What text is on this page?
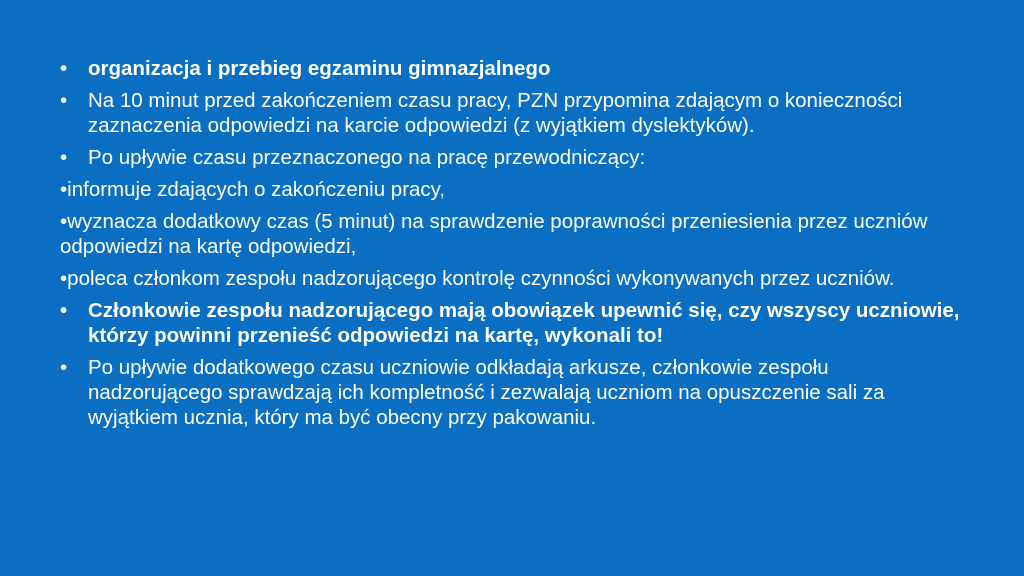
• organizacja i przebieg egzaminu gimnazjalnego
• Na 10 minut przed zakończeniem czasu pracy, PZN przypomina zdającym o konieczności zaznaczenia odpowiedzi na karcie odpowiedzi (z wyjątkiem dyslektyków).
• Po upływie czasu przeznaczonego na pracę przewodniczący:
•informuje zdających o zakończeniu pracy,
•wyznacza dodatkowy czas (5 minut) na sprawdzenie poprawności przeniesienia przez uczniów odpowiedzi na kartę odpowiedzi,
•poleca członkom zespołu nadzorującego kontrolę czynności wykonywanych przez uczniów.
• Członkowie zespołu nadzorującego mają obowiązek upewnić się, czy wszyscy uczniowie, którzy powinni przenieść odpowiedzi na kartę, wykonali to!
• Po upływie dodatkowego czasu uczniowie odkładają arkusze, członkowie zespołu nadzorującego sprawdzają ich kompletność i zezwalają uczniom na opuszczenie sali za wyjątkiem ucznia, który ma być obecny przy pakowaniu.
